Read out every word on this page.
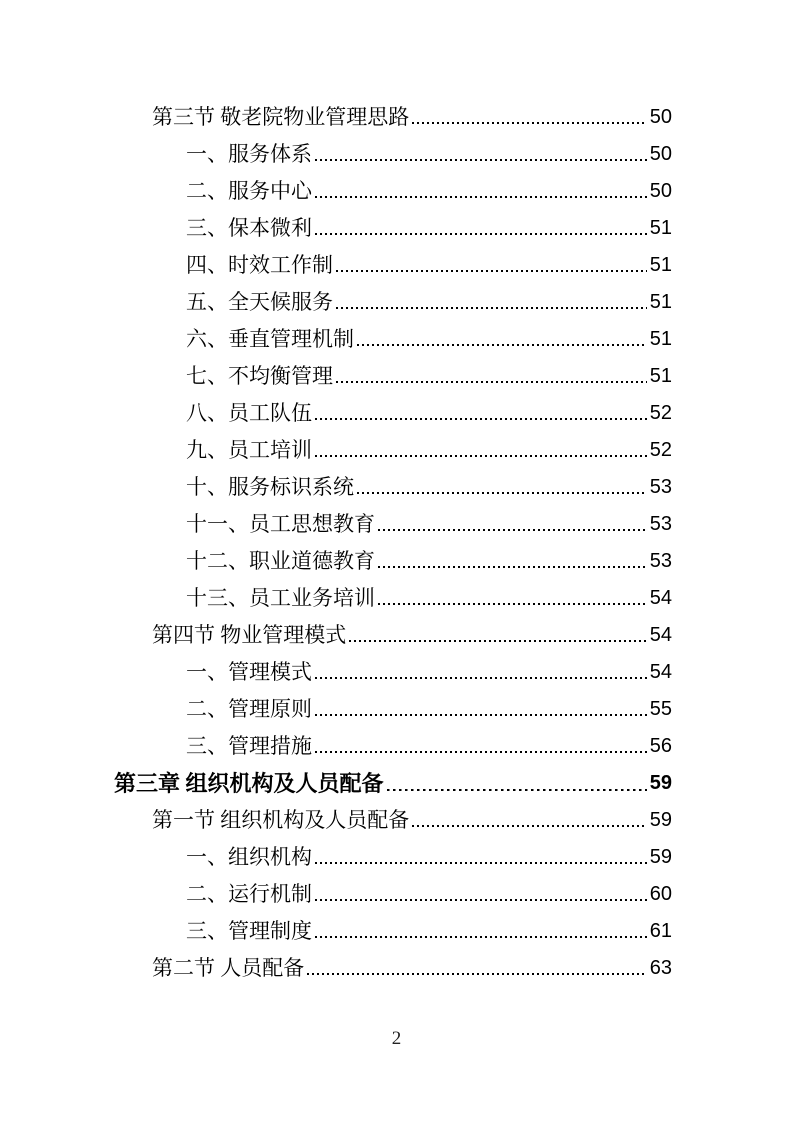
第三节 敬老院物业管理思路	50
一、服务体系	50
二、服务中心	50
三、保本微利	51
四、时效工作制	51
五、全天候服务	51
六、垂直管理机制	51
七、不均衡管理	51
八、员工队伍	52
九、员工培训	52
十、服务标识系统	53
十一、员工思想教育	53
十二、职业道德教育	53
十三、员工业务培训	54
第四节 物业管理模式	54
一、管理模式	54
二、管理原则	55
三、管理措施	56
第三章 组织机构及人员配备	59
第一节 组织机构及人员配备	59
一、组织机构	59
二、运行机制	60
三、管理制度	61
第二节 人员配备	63
2
